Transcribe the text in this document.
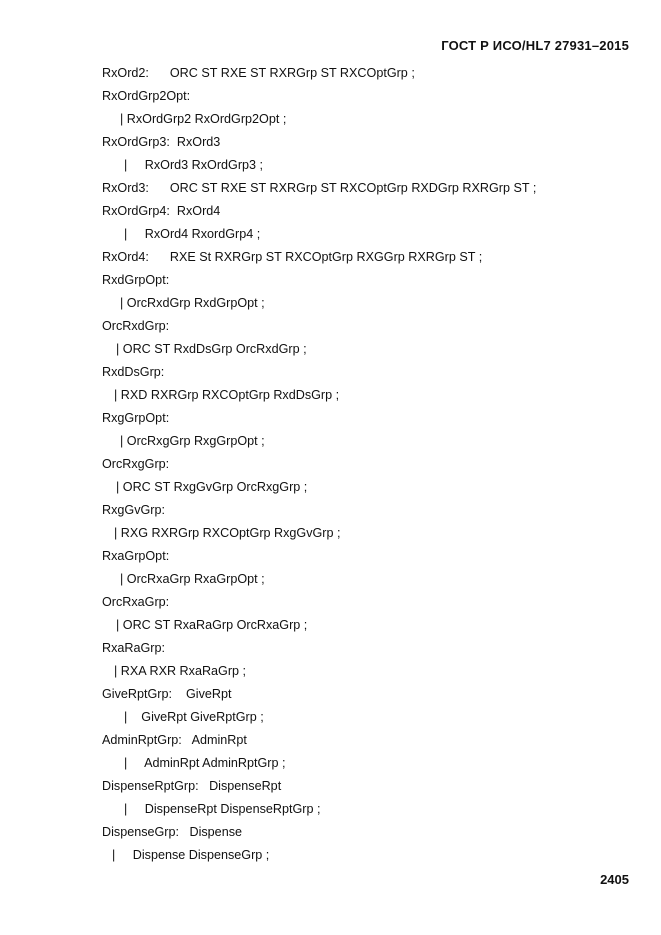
ГОСТ Р ИСО/HL7 27931–2015
RxOrd2:      ORC ST RXE ST RXRGrp ST RXCOptGrp ;
RxOrdGrp2Opt:
| RxOrdGrp2 RxOrdGrp2Opt ;
RxOrdGrp3:  RxOrd3
|     RxOrd3 RxOrdGrp3 ;
RxOrd3:      ORC ST RXE ST RXRGrp ST RXCOptGrp RXDGrp RXRGrp ST ;
RxOrdGrp4:  RxOrd4
|     RxOrd4 RxordGrp4 ;
RxOrd4:      RXE St RXRGrp ST RXCOptGrp RXGGrp RXRGrp ST ;
RxdGrpOpt:
| OrcRxdGrp RxdGrpOpt ;
OrcRxdGrp:
| ORC ST RxdDsGrp OrcRxdGrp ;
RxdDsGrp:
| RXD RXRGrp RXCOptGrp RxdDsGrp ;
RxgGrpOpt:
| OrcRxgGrp RxgGrpOpt ;
OrcRxgGrp:
| ORC ST RxgGvGrp OrcRxgGrp ;
RxgGvGrp:
| RXG RXRGrp RXCOptGrp RxgGvGrp ;
RxaGrpOpt:
| OrcRxaGrp RxaGrpOpt ;
OrcRxaGrp:
| ORC ST RxaRaGrp OrcRxaGrp ;
RxaRaGrp:
| RXA RXR RxaRaGrp ;
GiveRptGrp:    GiveRpt
|    GiveRpt GiveRptGrp ;
AdminRptGrp:   AdminRpt
|     AdminRpt AdminRptGrp ;
DispenseRptGrp:   DispenseRpt
|     DispenseRpt DispenseRptGrp ;
DispenseGrp:   Dispense
|     Dispense DispenseGrp ;
2405
